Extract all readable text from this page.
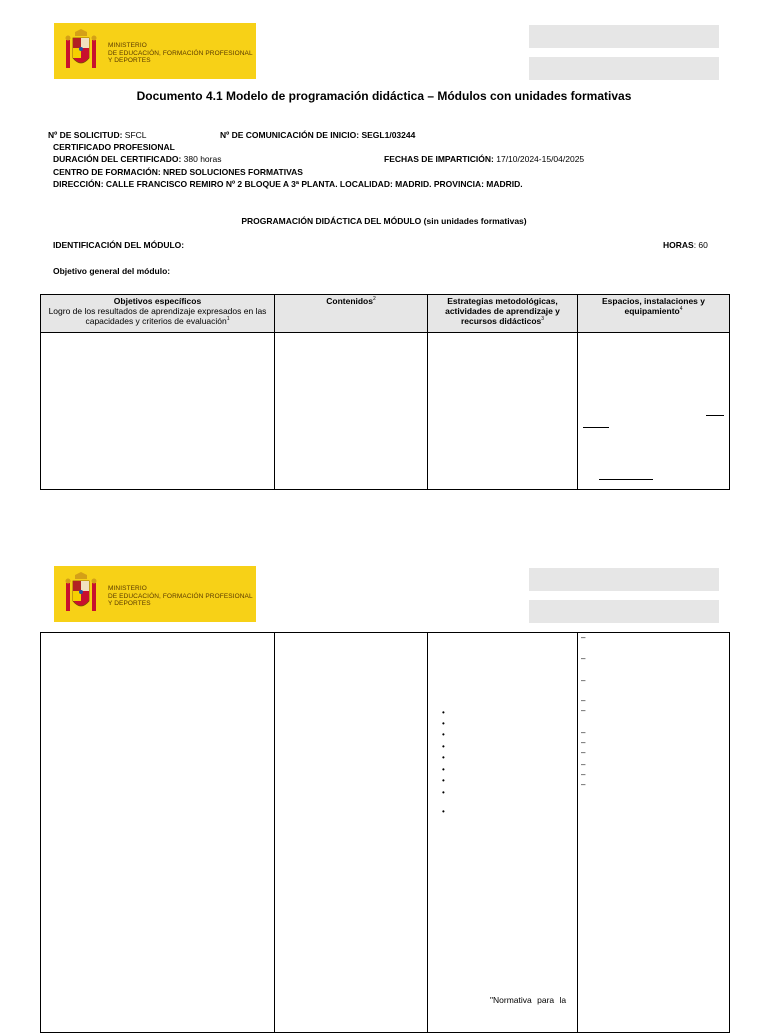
MINISTERIO
DE EDUCACIÓN, FORMACIÓN PROFESIONAL
Y DEPORTES
Documento 4.1 Modelo de programación didáctica – Módulos con unidades formativas
Nº DE SOLICITUD: SFCL	Nº DE COMUNICACIÓN DE INICIO: SEGL1/03244
CERTIFICADO PROFESIONAL
DURACIÓN DEL CERTIFICADO: 380 horas	FECHAS DE IMPARTICIÓN: 17/10/2024-15/04/2025
CENTRO DE FORMACIÓN: NRED SOLUCIONES FORMATIVAS
DIRECCIÓN: CALLE FRANCISCO REMIRO Nº 2 BLOQUE A 3ª PLANTA. LOCALIDAD: MADRID. PROVINCIA: MADRID.
PROGRAMACIÓN DIDÁCTICA DEL MÓDULO (sin unidades formativas)
IDENTIFICACIÓN DEL MÓDULO:	HORAS: 60
Objetivo general del módulo:
Objetivos específicos
Logro de los resultados de aprendizaje expresados en las capacidades y criterios de evaluación$^1$	Contenidos$^2$	Estrategias metodológicas, actividades de aprendizaje y recursos didácticos$^3$	Espacios, instalaciones y equipamiento$^4$

MINISTERIO
DE EDUCACIÓN, FORMACIÓN PROFESIONAL
Y DEPORTES

"Normativa para la
•
•
•
•
•
•
•
•
•

–
–
–
–
–
–
–
–
–
–
–
